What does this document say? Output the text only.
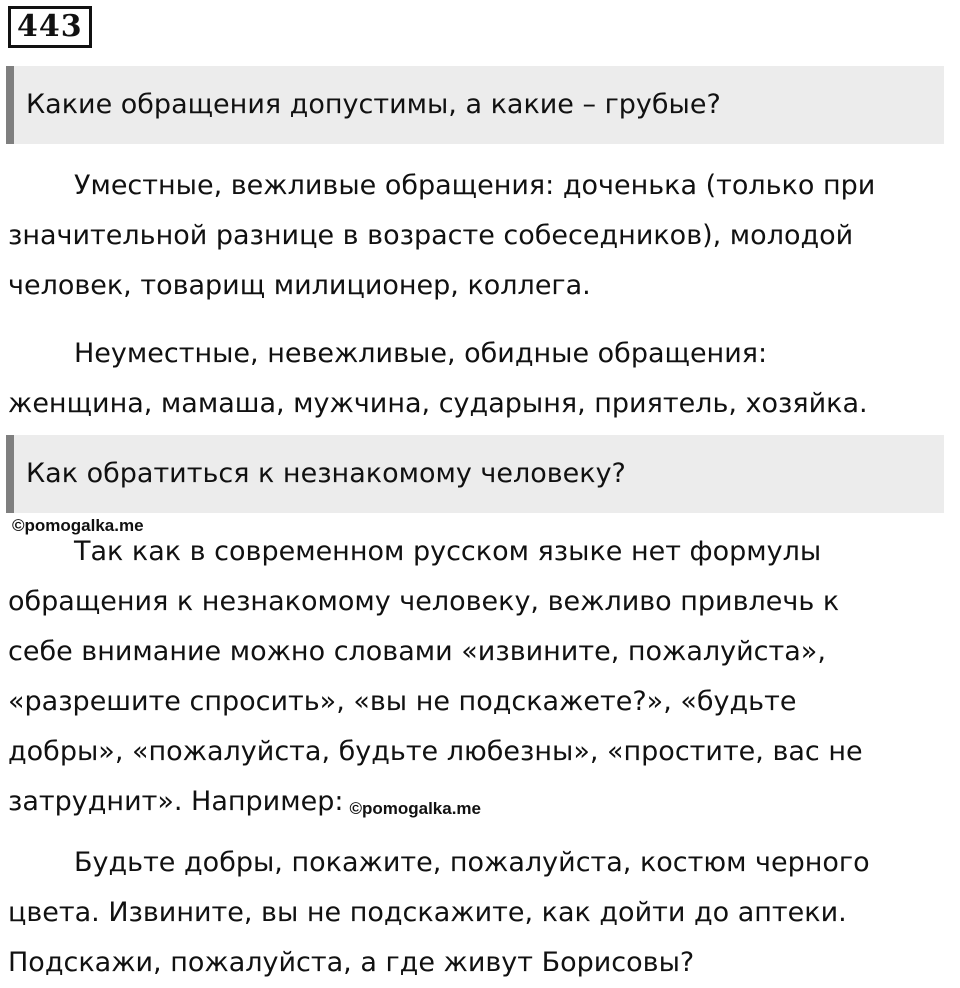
443
Какие обращения допустимы, а какие – грубые?
Уместные, вежливые обращения: доченька (только при
значительной разнице в возрасте собеседников), молодой
человек, товарищ милиционер, коллега.
Неуместные, невежливые, обидные обращения:
женщина, мамаша, мужчина, сударыня, приятель, хозяйка.
Как обратиться к незнакомому человеку?
©pomogalka.me
Так как в современном русском языке нет формулы
обращения к незнакомому человеку, вежливо привлечь к
себе внимание можно словами «извините, пожалуйста»,
«разрешите спросить», «вы не подскажете?», «будьте
добры», «пожалуйста, будьте любезны», «простите, вас не
затруднит». Например: ©pomogalka.me
Будьте добры, покажите, пожалуйста, костюм черного
цвета. Извините, вы не подскажите, как дойти до аптеки.
Подскажи, пожалуйста, а где живут Борисовы?
